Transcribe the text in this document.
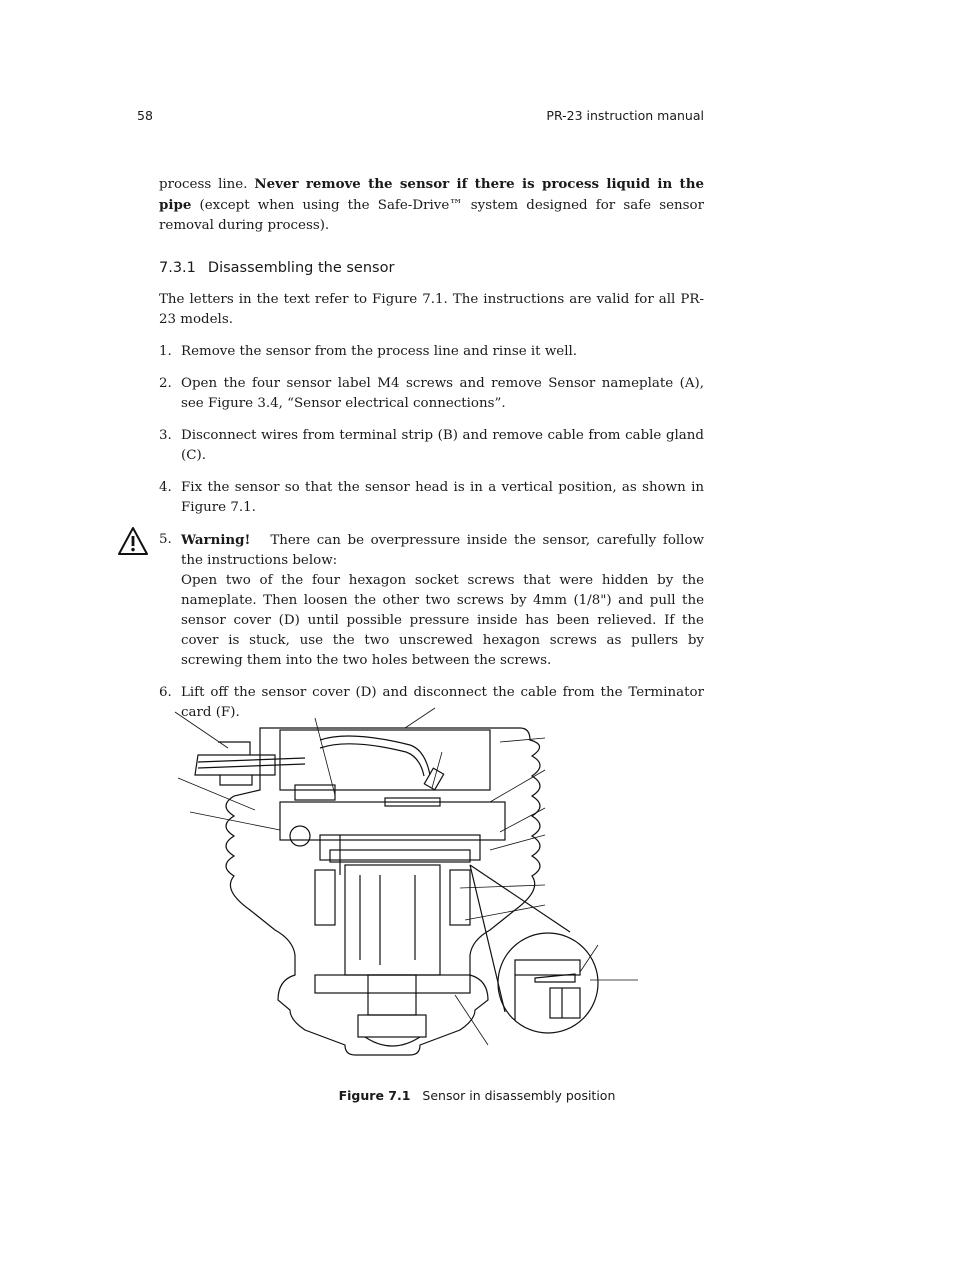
58	PR-23 instruction manual

process line. Never remove the sensor if there is process liquid in the pipe (except when using the Safe-Drive™ system designed for safe sensor removal during process).

7.3.1 Disassembling the sensor

The letters in the text refer to Figure 7.1. The instructions are valid for all PR-23 models.

1. Remove the sensor from the process line and rinse it well.
2. Open the four sensor label M4 screws and remove Sensor nameplate (A), see Figure 3.4, “Sensor electrical connections”.
3. Disconnect wires from terminal strip (B) and remove cable from cable gland (C).
4. Fix the sensor so that the sensor head is in a vertical position, as shown in Figure 7.1.
5. Warning! There can be overpressure inside the sensor, carefully follow the instructions below:
Open two of the four hexagon socket screws that were hidden by the nameplate. Then loosen the other two screws by 4mm (1/8") and pull the sensor cover (D) until possible pressure inside has been relieved. If the cover is stuck, use the two unscrewed hexagon screws as pullers by screwing them into the two holes between the screws.
6. Lift off the sensor cover (D) and disconnect the cable from the Terminator card (F).
Figure 7.1 Sensor in disassembly position
